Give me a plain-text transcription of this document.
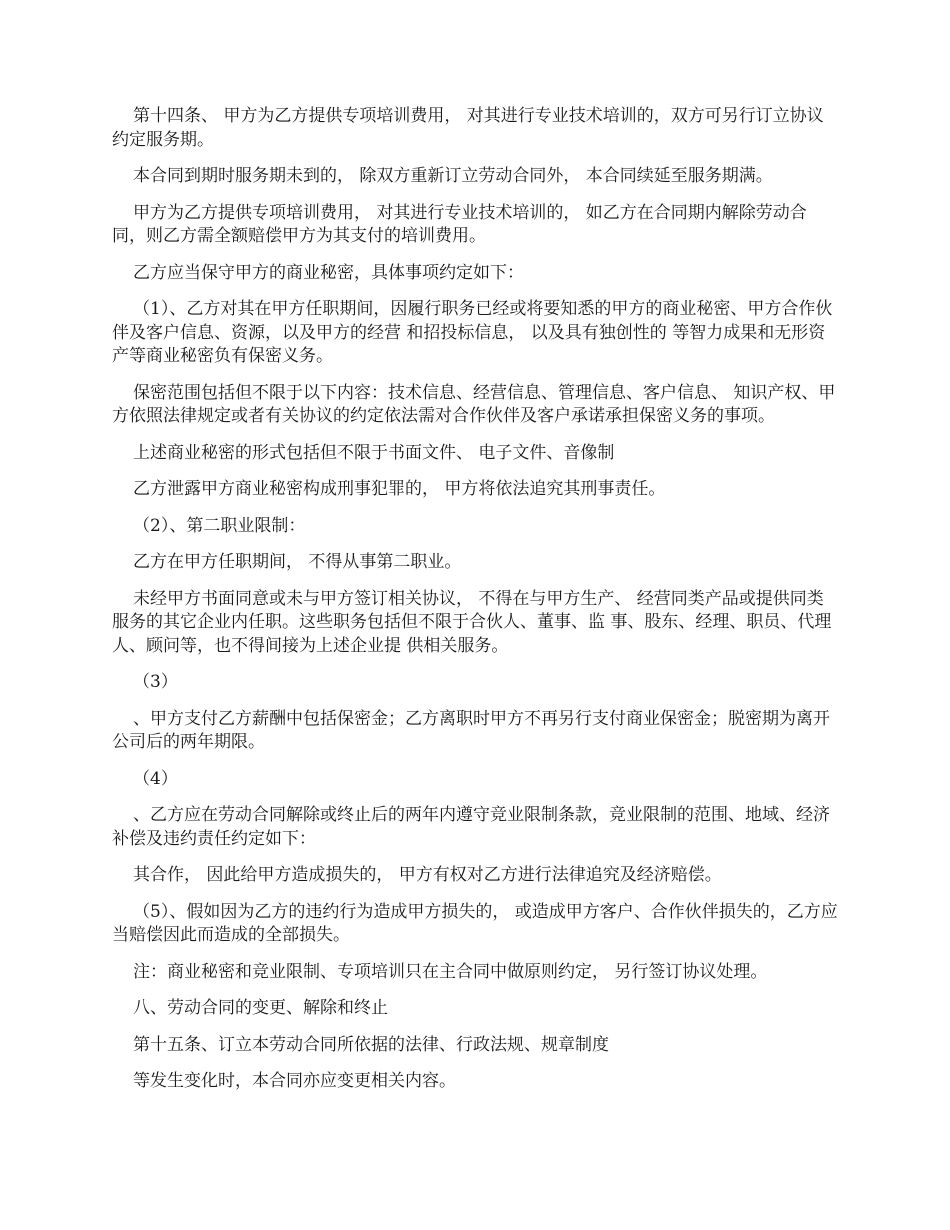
第十四条、 甲方为乙方提供专项培训费用， 对其进行专业技术培训的，双方可另行订立协议约定服务期。

本合同到期时服务期未到的， 除双方重新订立劳动合同外， 本合同续延至服务期满。

甲方为乙方提供专项培训费用， 对其进行专业技术培训的， 如乙方在合同期内解除劳动合同，则乙方需全额赔偿甲方为其支付的培训费用。

乙方应当保守甲方的商业秘密，具体事项约定如下：

（1）、乙方对其在甲方任职期间，因履行职务已经或将要知悉的甲方的商业秘密、甲方合作伙伴及客户信息、资源，以及甲方的经营 和招投标信息， 以及具有独创性的 等智力成果和无形资产等商业秘密负有保密义务。

保密范围包括但不限于以下内容：技术信息、经营信息、管理信息、客户信息、 知识产权、甲方依照法律规定或者有关协议的约定依法需对合作伙伴及客户承诺承担保密义务的事项。

上述商业秘密的形式包括但不限于书面文件、 电子文件、音像制

乙方泄露甲方商业秘密构成刑事犯罪的， 甲方将依法追究其刑事责任。

（2）、第二职业限制：

乙方在甲方任职期间， 不得从事第二职业。

未经甲方书面同意或未与甲方签订相关协议， 不得在与甲方生产、 经营同类产品或提供同类服务的其它企业内任职。这些职务包括但不限于合伙人、董事、监 事、股东、经理、职员、代理人、顾问等，也不得间接为上述企业提 供相关服务。

（3）

、甲方支付乙方薪酬中包括保密金；乙方离职时甲方不再另行支付商业保密金；脱密期为离开公司后的两年期限。

（4）

、乙方应在劳动合同解除或终止后的两年内遵守竞业限制条款，竞业限制的范围、地域、经济补偿及违约责任约定如下：

其合作， 因此给甲方造成损失的， 甲方有权对乙方进行法律追究及经济赔偿。

（5）、假如因为乙方的违约行为造成甲方损失的， 或造成甲方客户、合作伙伴损失的，乙方应当赔偿因此而造成的全部损失。

注：商业秘密和竞业限制、专项培训只在主合同中做原则约定， 另行签订协议处理。

八、劳动合同的变更、解除和终止

第十五条、订立本劳动合同所依据的法律、行政法规、规章制度

等发生变化时，本合同亦应变更相关内容。
